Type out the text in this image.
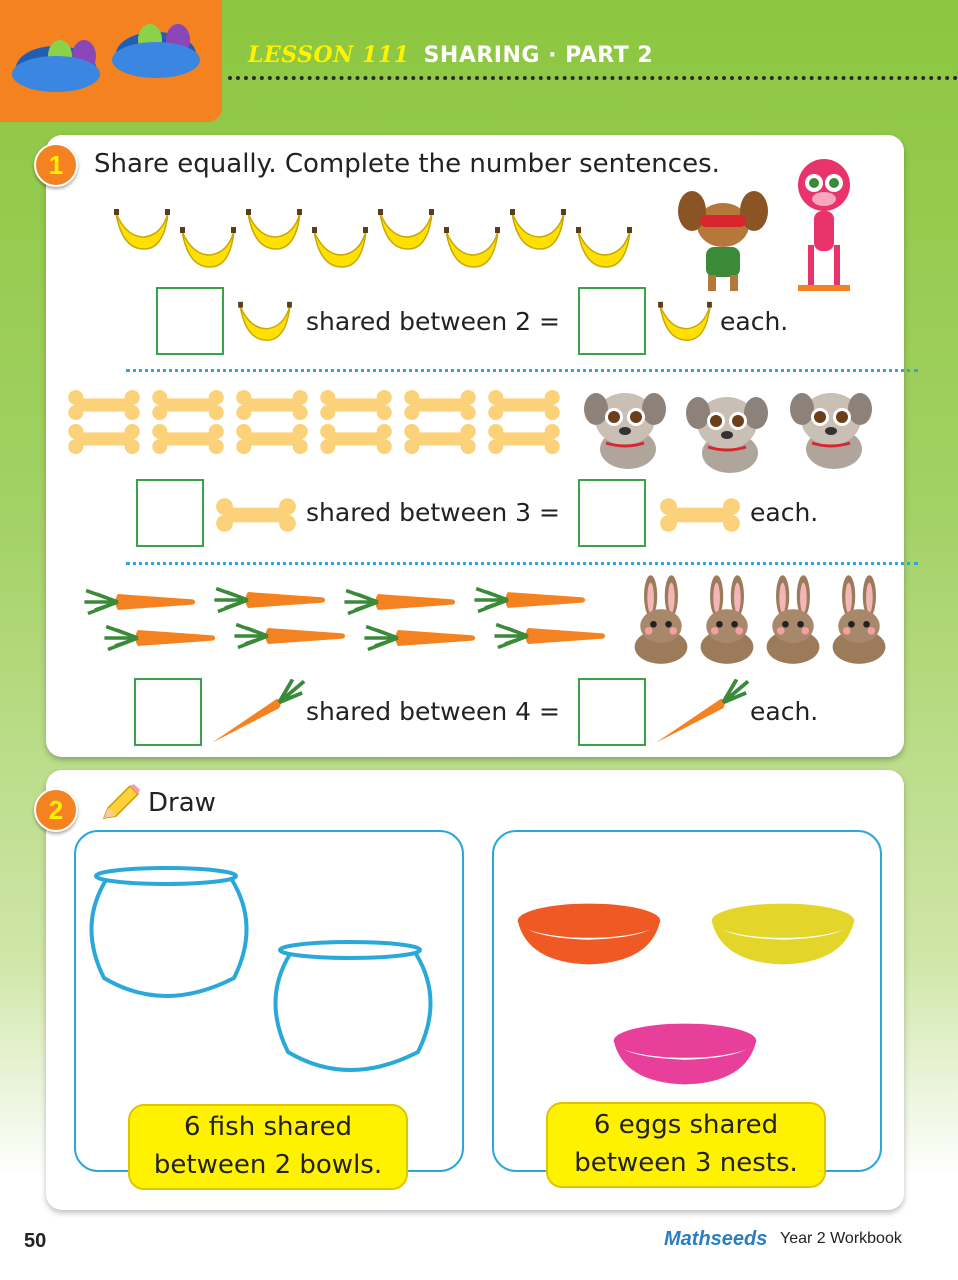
LESSON 111 SHARING · PART 2
1	Share equally. Complete the number sentences.
shared between 2 =	each.
shared between 3 =	each.
shared between 4 =	each.
2	Draw
6 fish shared
between 2 bowls.
6 eggs shared
between 3 nests.
50	Mathseeds Year 2 Workbook
